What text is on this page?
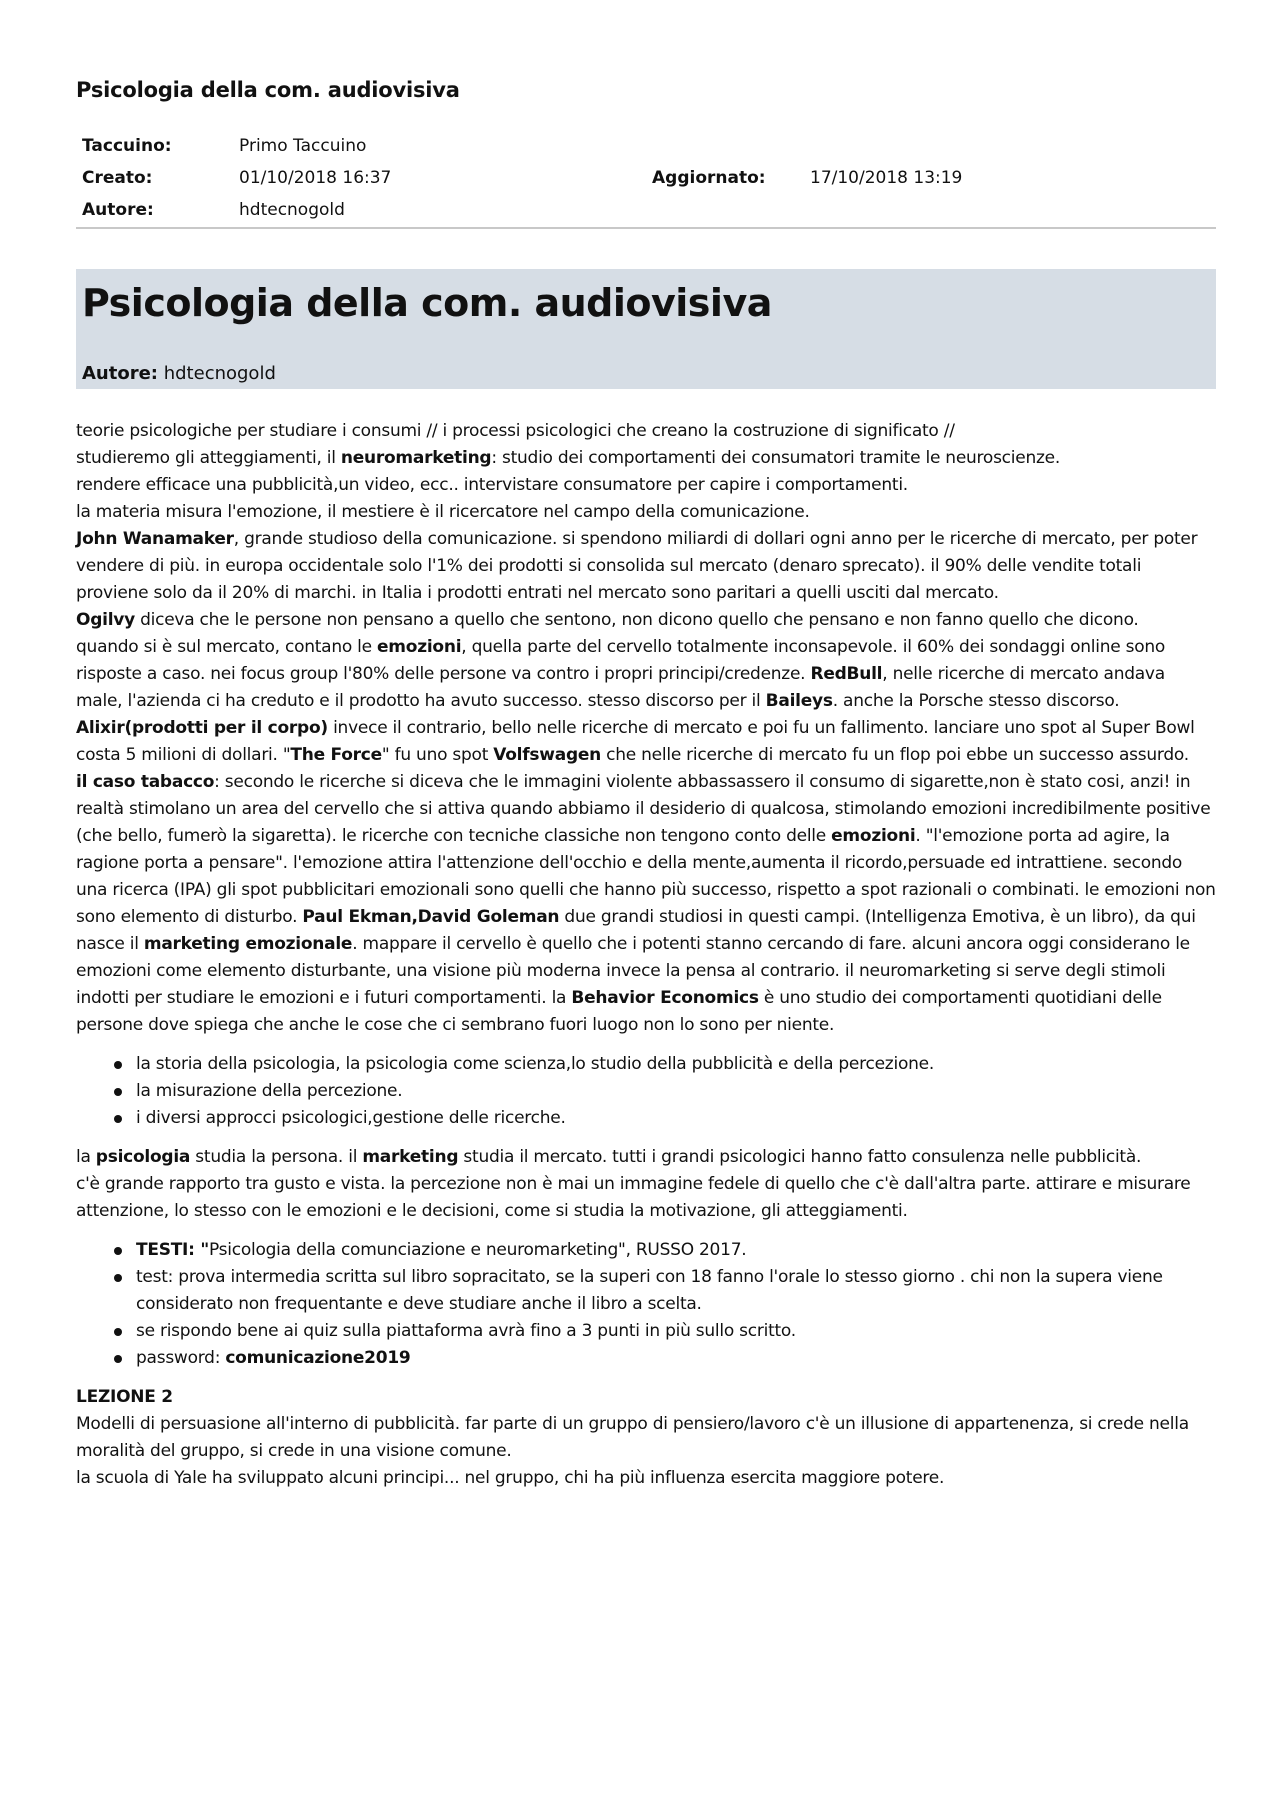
Psicologia della com. audiovisiva
Taccuino:	Primo Taccuino
Creato:	01/10/2018 16:37	Aggiornato:	17/10/2018 13:19
Autore:	hdtecnogold
Psicologia della com. audiovisiva
Autore: hdtecnogold

teorie psicologiche per studiare i consumi // i processi psicologici che creano la costruzione di significato //

studieremo gli atteggiamenti, il neuromarketing: studio dei comportamenti dei consumatori tramite le neuroscienze.

rendere efficace una pubblicità,un video, ecc.. intervistare consumatore per capire i comportamenti.

la materia misura l'emozione, il mestiere è il ricercatore nel campo della comunicazione.

John Wanamaker, grande studioso della comunicazione. si spendono miliardi di dollari ogni anno per le ricerche di mercato, per poter vendere di più. in europa occidentale solo l'1% dei prodotti si consolida sul mercato (denaro sprecato). il 90% delle vendite totali proviene solo da il 20% di marchi. in Italia i prodotti entrati nel mercato sono paritari a quelli usciti dal mercato.

Ogilvy diceva che le persone non pensano a quello che sentono, non dicono quello che pensano e non fanno quello che dicono.

quando si è sul mercato, contano le emozioni, quella parte del cervello totalmente inconsapevole. il 60% dei sondaggi online sono risposte a caso. nei focus group l'80% delle persone va contro i propri principi/credenze. RedBull, nelle ricerche di mercato andava male, l'azienda ci ha creduto e il prodotto ha avuto successo. stesso discorso per il Baileys. anche la Porsche stesso discorso. Alixir(prodotti per il corpo) invece il contrario, bello nelle ricerche di mercato e poi fu un fallimento. lanciare uno spot al Super Bowl costa 5 milioni di dollari. "The Force" fu uno spot Volfswagen che nelle ricerche di mercato fu un flop poi ebbe un successo assurdo.

il caso tabacco: secondo le ricerche si diceva che le immagini violente abbassassero il consumo di sigarette,non è stato cosi, anzi! in realtà stimolano un area del cervello che si attiva quando abbiamo il desiderio di qualcosa, stimolando emozioni incredibilmente positive (che bello, fumerò la sigaretta). le ricerche con tecniche classiche non tengono conto delle emozioni. "l'emozione porta ad agire, la ragione porta a pensare". l'emozione attira l'attenzione dell'occhio e della mente,aumenta il ricordo,persuade ed intrattiene. secondo una ricerca (IPA) gli spot pubblicitari emozionali sono quelli che hanno più successo, rispetto a spot razionali o combinati. le emozioni non sono elemento di disturbo. Paul Ekman,David Goleman due grandi studiosi in questi campi. (Intelligenza Emotiva, è un libro), da qui nasce il marketing emozionale. mappare il cervello è quello che i potenti stanno cercando di fare. alcuni ancora oggi considerano le emozioni come elemento disturbante, una visione più moderna invece la pensa al contrario. il neuromarketing si serve degli stimoli indotti per studiare le emozioni e i futuri comportamenti. la Behavior Economics è uno studio dei comportamenti quotidiani delle persone dove spiega che anche le cose che ci sembrano fuori luogo non lo sono per niente.

la storia della psicologia, la psicologia come scienza,lo studio della pubblicità e della percezione.
la misurazione della percezione.
i diversi approcci psicologici,gestione delle ricerche.

la psicologia studia la persona. il marketing studia il mercato. tutti i grandi psicologici hanno fatto consulenza nelle pubblicità.

c'è grande rapporto tra gusto e vista. la percezione non è mai un immagine fedele di quello che c'è dall'altra parte. attirare e misurare attenzione, lo stesso con le emozioni e le decisioni, come si studia la motivazione, gli atteggiamenti.

TESTI: "Psicologia della comunciazione e neuromarketing", RUSSO 2017.
test: prova intermedia scritta sul libro sopracitato, se la superi con 18 fanno l'orale lo stesso giorno . chi non la supera viene considerato non frequentante e deve studiare anche il libro a scelta.
se rispondo bene ai quiz sulla piattaforma avrà fino a 3 punti in più sullo scritto.
password: comunicazione2019

LEZIONE 2

Modelli di persuasione all'interno di pubblicità. far parte di un gruppo di pensiero/lavoro c'è un illusione di appartenenza, si crede nella moralità del gruppo, si crede in una visione comune.

la scuola di Yale ha sviluppato alcuni principi... nel gruppo, chi ha più influenza esercita maggiore potere.
